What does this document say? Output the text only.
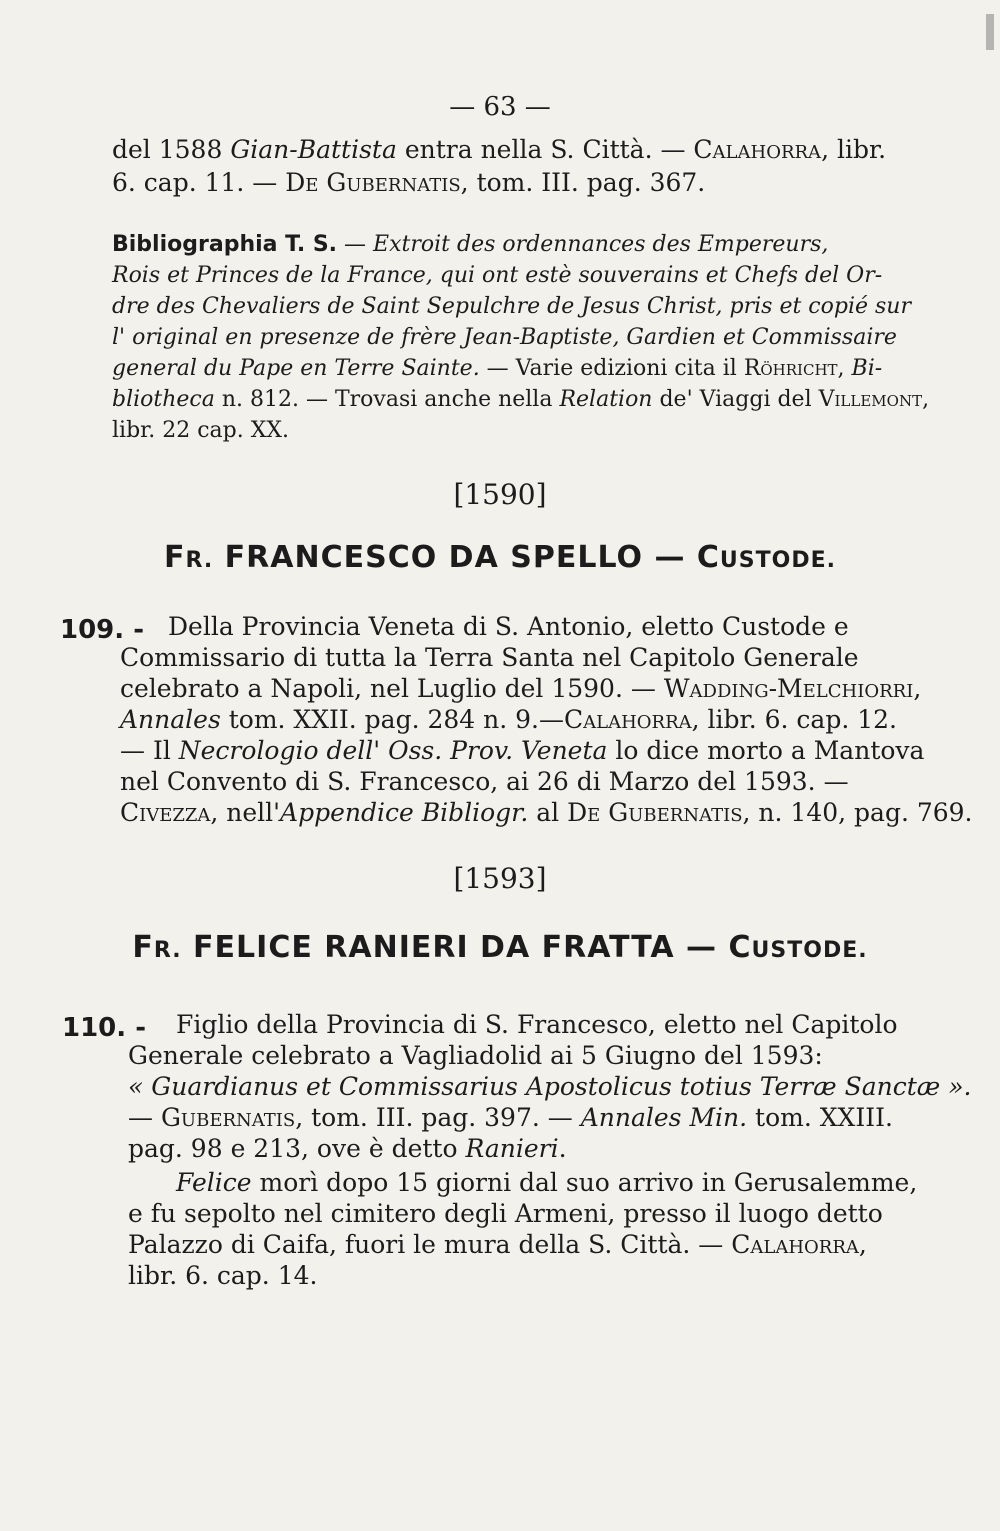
— 63 —
del 1588 Gian-Battista entra nella S. Città. — Calahorra, libr.
6. cap. 11. — De Gubernatis, tom. III. pag. 367.
Bibliographia T. S. — Extroit des ordennances des Empereurs,
Rois et Princes de la France, qui ont estè souverains et Chefs del Or-
dre des Chevaliers de Saint Sepulchre de Jesus Christ, pris et copié sur
l' original en presenze de frère Jean-Baptiste, Gardien et Commissaire
general du Pape en Terre Sainte. — Varie edizioni cita il Röhricht, Bi-
bliotheca n. 812. — Trovasi anche nella Relation de' Viaggi del Villemont,
libr. 22 cap. XX.
[1590]
FR. FRANCESCO DA SPELLO — CUSTODE.
109. - Della Provincia Veneta di S. Antonio, eletto Custode e
Commissario di tutta la Terra Santa nel Capitolo Generale
celebrato a Napoli, nel Luglio del 1590. — Wadding-Melchiorri,
Annales tom. XXII. pag. 284 n. 9.—Calahorra, libr. 6. cap. 12.
— Il Necrologio dell' Oss. Prov. Veneta lo dice morto a Mantova
nel Convento di S. Francesco, ai 26 di Marzo del 1593. —
Civezza, nell'Appendice Bibliogr. al De Gubernatis, n. 140, pag. 769.
[1593]
FR. FELICE RANIERI DA FRATTA — CUSTODE.
110. - Figlio della Provincia di S. Francesco, eletto nel Capitolo
Generale celebrato a Vagliadolid ai 5 Giugno del 1593:
« Guardianus et Commissarius Apostolicus totius Terræ Sanctæ ».
— Gubernatis, tom. III. pag. 397. — Annales Min. tom. XXIII.
pag. 98 e 213, ove è detto Ranieri.
Felice morì dopo 15 giorni dal suo arrivo in Gerusalemme,
e fu sepolto nel cimitero degli Armeni, presso il luogo detto
Palazzo di Caifa, fuori le mura della S. Città. — Calahorra,
libr. 6. cap. 14.
